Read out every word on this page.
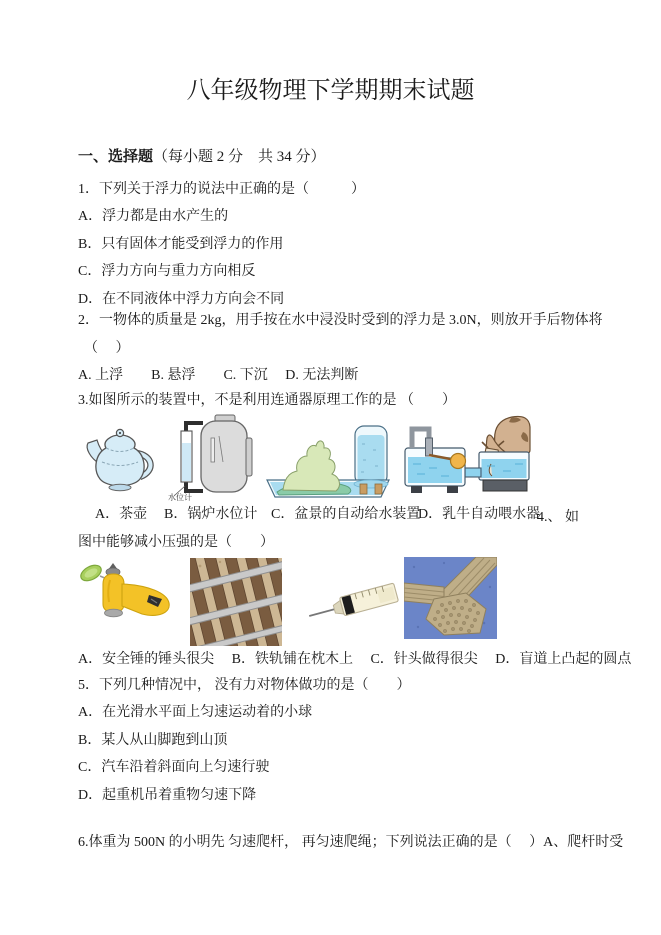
八年级物理下学期期末试题
一、选择题（每小题 2 分　共 34 分）
1．下列关于浮力的说法中正确的是（　　　）
A．浮力都是由水产生的
B．只有固体才能受到浮力的作用
C．浮力方向与重力方向相反
D．在不同液体中浮力方向会不同
2．一物体的质量是 2kg，用手按在水中浸没时受到的浮力是 3.0N，则放开手后物体将
（　 ）
A. 上浮　　B. 悬浮　　C. 下沉　 D. 无法判断
3.如图所示的装置中，不是利用连通器原理工作的是 （　　）
水位计
A．茶壶 B．锅炉水位计 C．盆景的自动给水装置
D．乳牛自动喂水器
4.、 如
图中能够减小压强的是（　　）
A．安全锤的锤头很尖　 B．铁轨铺在枕木上　 C．针头做得很尖　 D．盲道上凸起的圆点
5．下列几种情况中， 没有力对物体做功的是（　　）
A．在光滑水平面上匀速运动着的小球
B．某人从山脚跑到山顶
C．汽车沿着斜面向上匀速行驶
D．起重机吊着重物匀速下降
6.体重为 500N 的小明先 匀速爬杆， 再匀速爬绳；下列说法正确的是（　 ）A、爬杆时受
